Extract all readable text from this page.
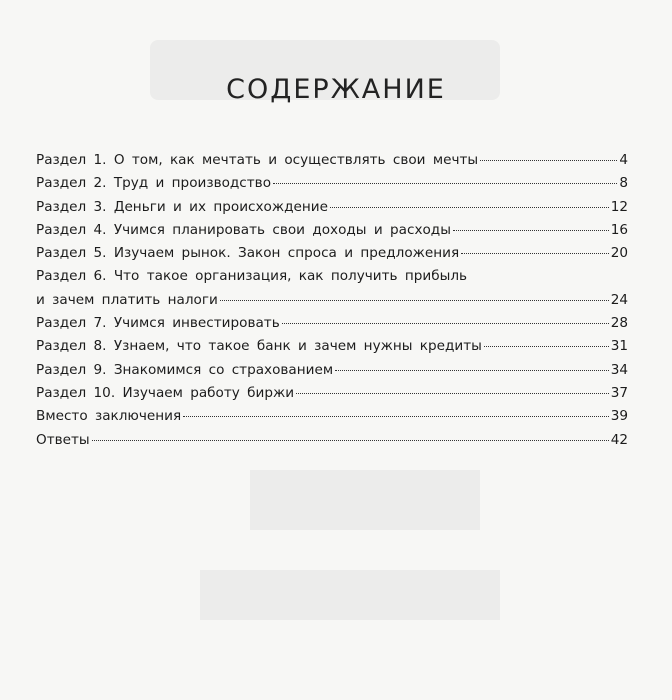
СОДЕРЖАНИЕ
Раздел 1. О том, как мечтать и осуществлять свои мечты	4
Раздел 2. Труд и производство	8
Раздел 3. Деньги и их происхождение	12
Раздел 4. Учимся планировать свои доходы и расходы	16
Раздел 5. Изучаем рынок. Закон спроса и предложения	20
Раздел 6. Что такое организация, как получить прибыль
и зачем платить налоги	24
Раздел 7. Учимся инвестировать	28
Раздел 8. Узнаем, что такое банк и зачем нужны кредиты	31
Раздел 9. Знакомимся со страхованием	34
Раздел 10. Изучаем работу биржи	37
Вместо заключения	39
Ответы	42
